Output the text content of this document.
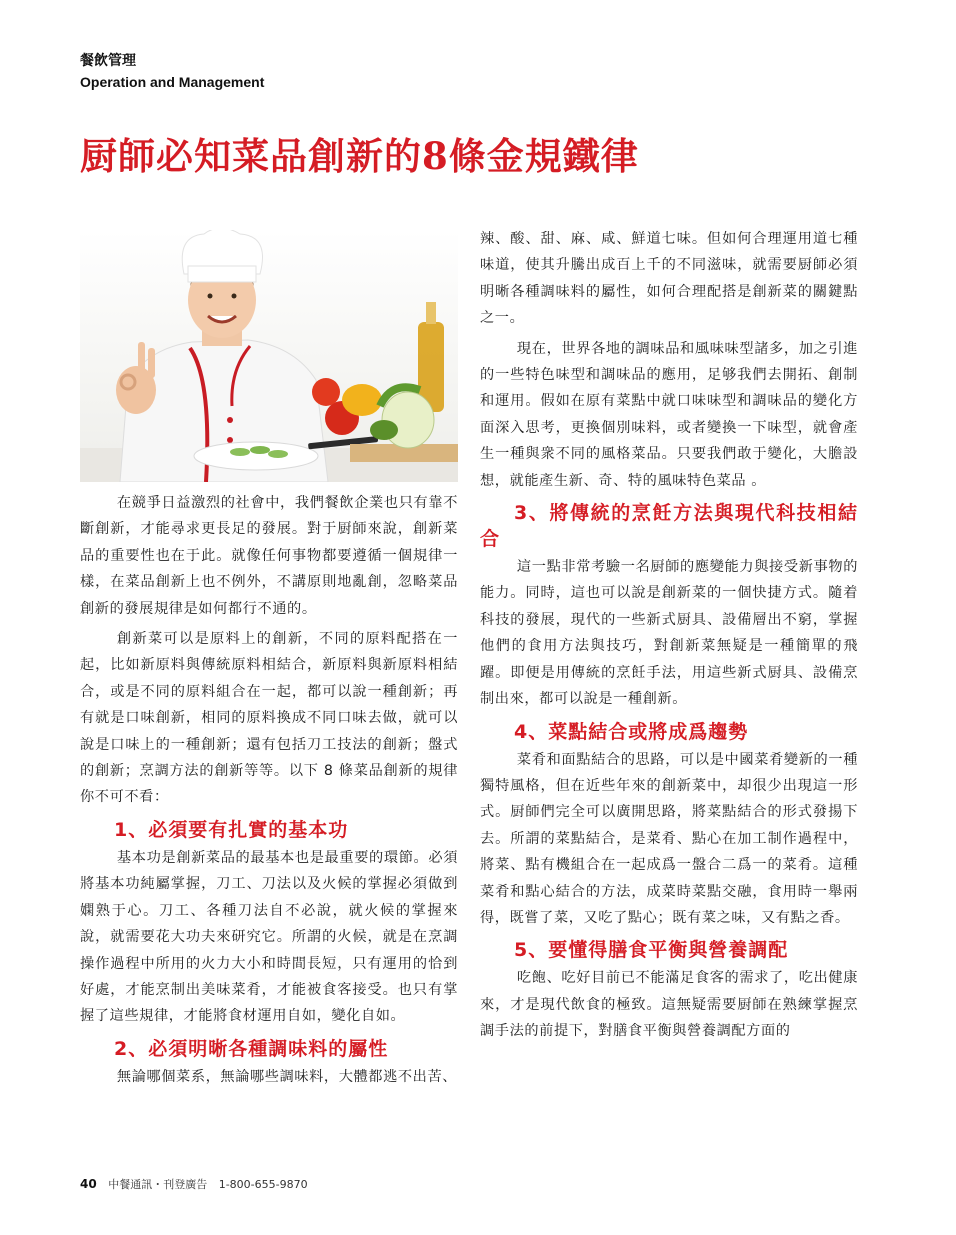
餐飲管理
Operation and Management
厨師必知菜品創新的8條金規鐵律

在競爭日益激烈的社會中，我們餐飲企業也只有靠不斷創新，才能尋求更長足的發展。對于厨師來說，創新菜品的重要性也在于此。就像任何事物都要遵循一個規律一樣，在菜品創新上也不例外，不講原則地亂創，忽略菜品創新的發展規律是如何都行不通的。

創新菜可以是原料上的創新，不同的原料配搭在一起，比如新原料與傳統原料相結合，新原料與新原料相結合，或是不同的原料組合在一起，都可以說一種創新；再有就是口味創新，相同的原料換成不同口味去做，就可以說是口味上的一種創新；還有包括刀工技法的創新；盤式的創新；烹調方法的創新等等。以下 8 條菜品創新的規律你不可不看：

1、必須要有扎實的基本功

基本功是創新菜品的最基本也是最重要的環節。必須將基本功純屬掌握，刀工、刀法以及火候的掌握必須做到嫻熟于心。刀工、各種刀法自不必說，就火候的掌握來說，就需要花大功夫來研究它。所謂的火候，就是在烹調操作過程中所用的火力大小和時間長短，只有運用的恰到好處，才能烹制出美味菜肴，才能被食客接受。也只有掌握了這些規律，才能將食材運用自如，變化自如。

2、必須明晰各種調味料的屬性

無論哪個菜系，無論哪些調味料，大體都逃不出苦、

辣、酸、甜、麻、咸、鮮道七味。但如何合理運用道七種味道，使其升騰出成百上千的不同滋味，就需要厨師必須明晰各種調味料的屬性，如何合理配搭是創新菜的關鍵點之一。

現在，世界各地的調味品和風味味型諸多，加之引進的一些特色味型和調味品的應用，足够我們去開拓、創制和運用。假如在原有菜點中就口味味型和調味品的變化方面深入思考，更換個別味料，或者變換一下味型，就會產生一種與衆不同的風格菜品。只要我們敢于變化，大膽設想，就能產生新、奇、特的風味特色菜品 。

3、將傳統的烹飪方法與現代科技相結合

這一點非常考驗一名厨師的應變能力與接受新事物的能力。同時，這也可以說是創新菜的一個快捷方式。隨着科技的發展，現代的一些新式厨具、設備層出不窮，掌握他們的食用方法與技巧，對創新菜無疑是一種簡單的飛躍。即便是用傳統的烹飪手法，用這些新式厨具、設備烹制出來，都可以說是一種創新。

4、菜點結合或將成爲趨勢

菜肴和面點結合的思路，可以是中國菜肴變新的一種獨特風格，但在近些年來的創新菜中，却很少出現這一形式。厨師們完全可以廣開思路，將菜點結合的形式發揚下去。所謂的菜點結合，是菜肴、點心在加工制作過程中，將菜、點有機組合在一起成爲一盤合二爲一的菜肴。這種菜肴和點心結合的方法，成菜時菜點交融，食用時一舉兩得，既嘗了菜，又吃了點心；既有菜之味，又有點之香。

5、要懂得膳食平衡與營養調配

吃飽、吃好目前已不能滿足食客的需求了，吃出健康來，才是現代飲食的極致。這無疑需要厨師在熟練掌握烹調手法的前提下，對膳食平衡與營養調配方面的

40 中餐通訊・刊登廣告 1-800-655-9870
